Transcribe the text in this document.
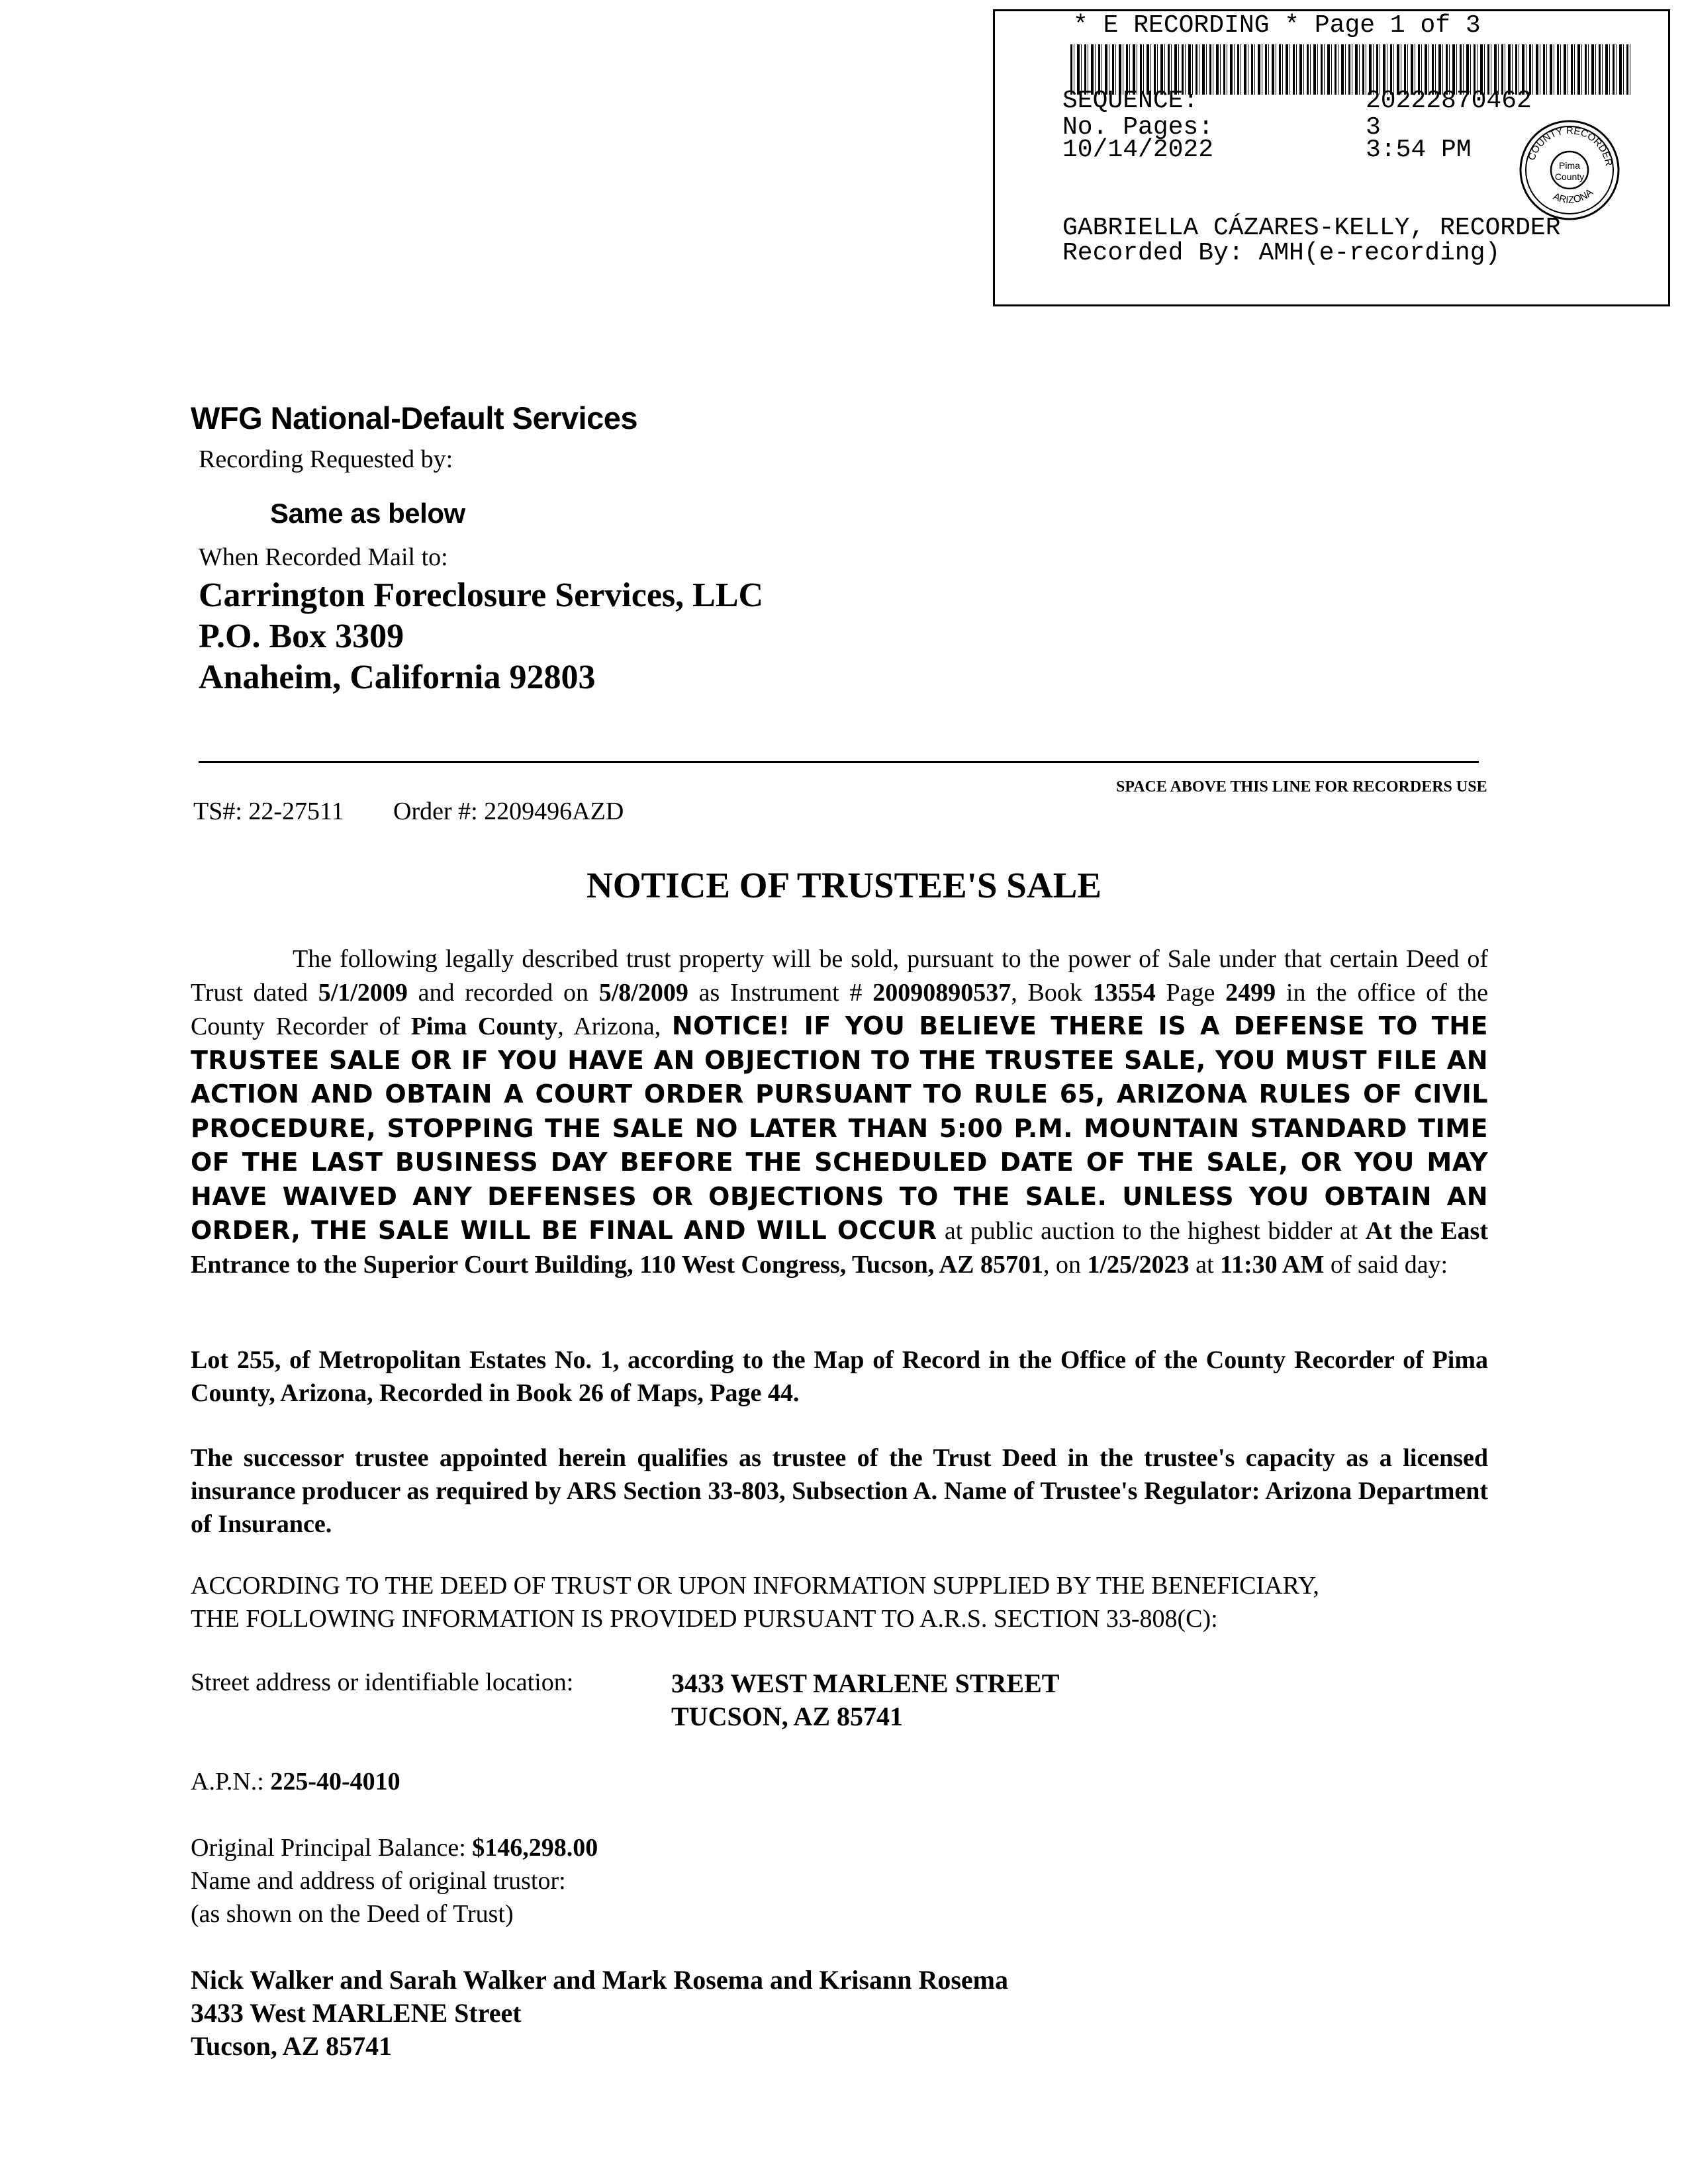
* E RECORDING * Page 1 of 3
SEQUENCE:	20222870462
No. Pages:	3
10/14/2022	3:54 PM	COUNTY RECORDER
ARIZONA
Pima
County
GABRIELLA CÁZARES-KELLY, RECORDER
Recorded By: AMH(e-recording)
WFG National-Default Services
Recording Requested by:
Same as below
When Recorded Mail to:
Carrington Foreclosure Services, LLC
P.O. Box 3309
Anaheim, California 92803
SPACE ABOVE THIS LINE FOR RECORDERS USE
TS#: 22-27511 Order #: 2209496AZD
NOTICE OF TRUSTEE'S SALE
The following legally described trust property will be sold, pursuant to the power of Sale under that certain Deed of Trust dated 5/1/2009 and recorded on 5/8/2009 as Instrument # 20090890537, Book 13554 Page 2499 in the office of the County Recorder of Pima County, Arizona, NOTICE! IF YOU BELIEVE THERE IS A DEFENSE TO THE TRUSTEE SALE OR IF YOU HAVE AN OBJECTION TO THE TRUSTEE SALE, YOU MUST FILE AN ACTION AND OBTAIN A COURT ORDER PURSUANT TO RULE 65, ARIZONA RULES OF CIVIL PROCEDURE, STOPPING THE SALE NO LATER THAN 5:00 P.M. MOUNTAIN STANDARD TIME OF THE LAST BUSINESS DAY BEFORE THE SCHEDULED DATE OF THE SALE, OR YOU MAY HAVE WAIVED ANY DEFENSES OR OBJECTIONS TO THE SALE. UNLESS YOU OBTAIN AN ORDER, THE SALE WILL BE FINAL AND WILL OCCUR at public auction to the highest bidder at At the East Entrance to the Superior Court Building, 110 West Congress, Tucson, AZ 85701, on 1/25/2023 at 11:30 AM of said day:
Lot 255, of Metropolitan Estates No. 1, according to the Map of Record in the Office of the County Recorder of Pima County, Arizona, Recorded in Book 26 of Maps, Page 44.
The successor trustee appointed herein qualifies as trustee of the Trust Deed in the trustee's capacity as a licensed insurance producer as required by ARS Section 33-803, Subsection A. Name of Trustee's Regulator: Arizona Department of Insurance.
ACCORDING TO THE DEED OF TRUST OR UPON INFORMATION SUPPLIED BY THE BENEFICIARY,
THE FOLLOWING INFORMATION IS PROVIDED PURSUANT TO A.R.S. SECTION 33-808(C):
Street address or identifiable location:	3433 WEST MARLENE STREET
TUCSON, AZ 85741
A.P.N.: 225-40-4010
Original Principal Balance: $146,298.00
Name and address of original trustor:
(as shown on the Deed of Trust)
Nick Walker and Sarah Walker and Mark Rosema and Krisann Rosema
3433 West MARLENE Street
Tucson, AZ 85741
